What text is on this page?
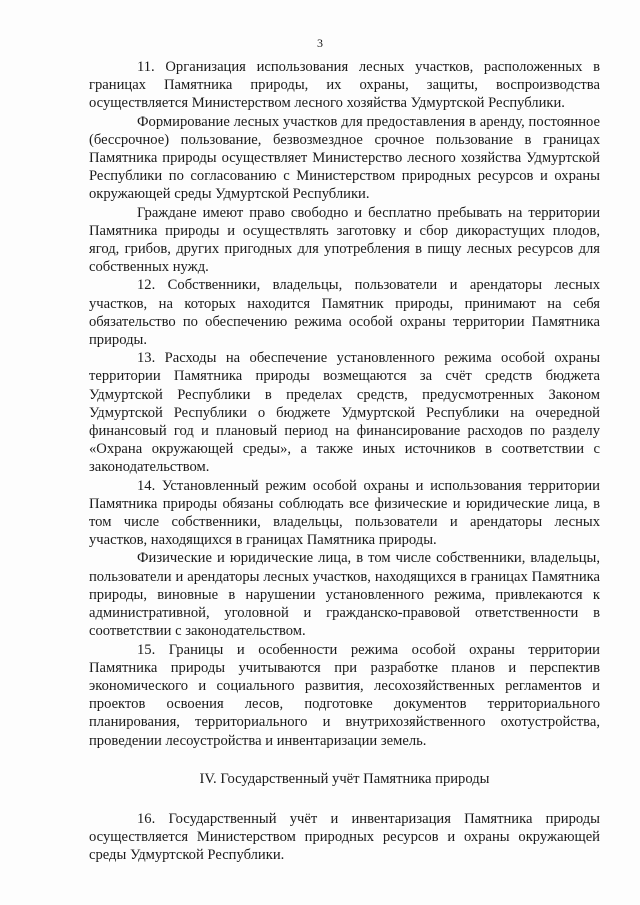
3

11. Организация использования лесных участков, расположенных в границах Памятника природы, их охраны, защиты, воспроизводства осуществляется Министерством лесного хозяйства Удмуртской Республики.

Формирование лесных участков для предоставления в аренду, постоянное (бессрочное) пользование, безвозмездное срочное пользование в границах Памятника природы осуществляет Министерство лесного хозяйства Удмуртской Республики по согласованию с Министерством природных ресурсов и охраны окружающей среды Удмуртской Республики.

Граждане имеют право свободно и бесплатно пребывать на территории Памятника природы и осуществлять заготовку и сбор дикорастущих плодов, ягод, грибов, других пригодных для употребления в пищу лесных ресурсов для собственных нужд.

12. Собственники, владельцы, пользователи и арендаторы лесных участков, на которых находится Памятник природы, принимают на себя обязательство по обеспечению режима особой охраны территории Памятника природы.

13. Расходы на обеспечение установленного режима особой охраны территории Памятника природы возмещаются за счёт средств бюджета Удмуртской Республики в пределах средств, предусмотренных Законом Удмуртской Республики о бюджете Удмуртской Республики на очередной финансовый год и плановый период на финансирование расходов по разделу «Охрана окружающей среды», а также иных источников в соответствии с законодательством.

14. Установленный режим особой охраны и использования территории Памятника природы обязаны соблюдать все физические и юридические лица, в том числе собственники, владельцы, пользователи и арендаторы лесных участков, находящихся в границах Памятника природы.

Физические и юридические лица, в том числе собственники, владельцы, пользователи и арендаторы лесных участков, находящихся в границах Памятника природы, виновные в нарушении установленного режима, привлекаются к административной, уголовной и гражданско-правовой ответственности в соответствии с законодательством.

15. Границы и особенности режима особой охраны территории Памятника природы учитываются при разработке планов и перспектив экономического и социального развития, лесохозяйственных регламентов и проектов освоения лесов, подготовке документов территориального планирования, территориального и внутрихозяйственного охотустройства, проведении лесоустройства и инвентаризации земель.

IV. Государственный учёт Памятника природы

16. Государственный учёт и инвентаризация Памятника природы осуществляется Министерством природных ресурсов и охраны окружающей среды Удмуртской Республики.
